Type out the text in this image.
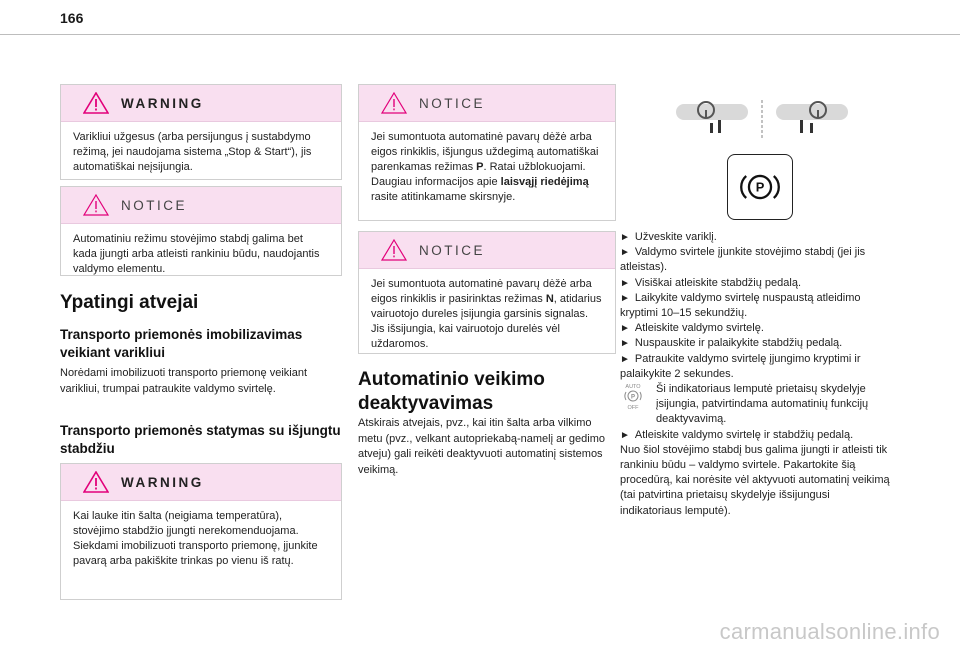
166
WARNING

Varikliui užgesus (arba persijungus į sustabdymo režimą, jei naudojama sistema „Stop & Start“), jis automatiškai neįsijungia.

NOTICE

Automatiniu režimu stovėjimo stabdį galima bet kada įjungti arba atleisti rankiniu būdu, naudojantis valdymo elementu.

Ypatingi atvejai
Transporto priemonės imobilizavimas veikiant varikliui

Norėdami imobilizuoti transporto priemonę veikiant varikliui, trumpai patraukite valdymo svirtelę.

Transporto priemonės statymas su išjungtu stabdžiu
WARNING

Kai lauke itin šalta (neigiama temperatūra), stovėjimo stabdžio įjungti nerekomenduojama.

Siekdami imobilizuoti transporto priemonę, įjunkite pavarą arba pakiškite trinkas po vienu iš ratų.

NOTICE

Jei sumontuota automatinė pavarų dėžė arba eigos rinkiklis, išjungus uždegimą automatiškai parenkamas režimas P. Ratai užblokuojami.

Daugiau informacijos apie laisvąjį riedėjimą rasite atitinkamame skirsnyje.

NOTICE

Jei sumontuota automatinė pavarų dėžė arba eigos rinkiklis ir pasirinktas režimas N, atidarius vairuotojo dureles įsijungia garsinis signalas. Jis išsijungia, kai vairuotojo durelės vėl uždaromos.

Automatinio veikimo deaktyvavimas

Atskirais atvejais, pvz., kai itin šalta arba vilkimo metu (pvz., velkant autopriekabą-namelį ar gedimo atveju) gali reikėti deaktyvuoti automatinį sistemos veikimą.

P

► Užveskite variklį.

► Valdymo svirtele įjunkite stovėjimo stabdį (jei jis atleistas).

► Visiškai atleiskite stabdžių pedalą.

► Laikykite valdymo svirtelę nuspaustą atleidimo kryptimi 10–15 sekundžių.

► Atleiskite valdymo svirtelę.

► Nuspauskite ir palaikykite stabdžių pedalą.

► Patraukite valdymo svirtelę įjungimo kryptimi ir palaikykite 2 sekundes.

AUTO
P
OFF
Ši indikatoriaus lemputė prietaisų skydelyje įsijungia, patvirtindama automatinių funkcijų deaktyvavimą.

► Atleiskite valdymo svirtelę ir stabdžių pedalą.

Nuo šiol stovėjimo stabdį bus galima įjungti ir atleisti tik rankiniu būdu – valdymo svirtele. Pakartokite šią procedūrą, kai norėsite vėl aktyvuoti automatinį veikimą (tai patvirtina prietaisų skydelyje išsijungusi indikatoriaus lemputė).

carmanualsonline.info
